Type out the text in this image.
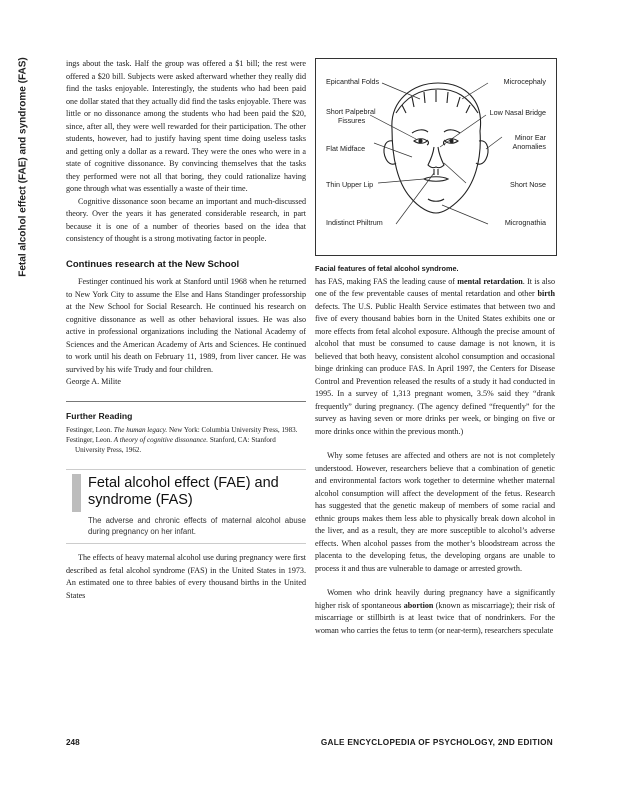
Fetal alcohol effect (FAE) and syndrome (FAS)	ings about the task. Half the group was offered a $1 bill; the rest were offered a $20 bill. Subjects were asked afterward whether they really did find the tasks enjoyable. Interestingly, the students who had been paid one dollar stated that they actually did find the tasks enjoyable. There was little or no dissonance among the students who had been paid the $20, since, after all, they were well rewarded for their participation. The other students, however, had to justify having spent time doing useless tasks and getting only a dollar as a reward. They were the ones who were in a state of cognitive dissonance. By convincing themselves that the tasks they performed were not all that boring, they could rationalize having gone through what was essentially a waste of their time.

Cognitive dissonance soon became an important and much-discussed theory. Over the years it has generated considerable research, in part because it is one of a number of theories based on the idea that consistency of thought is a strong motivating factor in people.

Continues research at the New School

Festinger continued his work at Stanford until 1968 when he returned to New York City to assume the Else and Hans Standinger professorship at the New School for Social Research. He continued his research on cognitive dissonance as well as other behavioral issues. He was also active in professional organizations including the National Academy of Sciences and the American Academy of Arts and Sciences. He continued to work until his death on February 11, 1989, from liver cancer. He was survived by his wife Trudy and four children.

George A. Milite

Further Reading

Festinger, Leon. The human legacy. New York: Columbia University Press, 1983.

Festinger, Leon. A theory of cognitive dissonance. Stanford, CA: Stanford University Press, 1962.

Fetal alcohol effect (FAE) and syndrome (FAS)

The adverse and chronic effects of maternal alcohol abuse during pregnancy on her infant.

The effects of heavy maternal alcohol use during pregnancy were first described as fetal alcohol syndrome (FAS) in the United States in 1973. An estimated one to three babies of every thousand births in the United States

Epicanthal Folds	Microcephaly
Short Palpebral
Fissures
Low Nasal Bridge
Minor Ear
Anomalies
Flat Midface
Thin Upper Lip	Short Nose
Indistinct Philtrum	Micrognathia

Facial features of fetal alcohol syndrome.

has FAS, making FAS the leading cause of mental retardation. It is also one of the few preventable causes of mental retardation and other birth defects. The U.S. Public Health Service estimates that between two and five of every thousand babies born in the United States exhibits one or more effects from fetal alcohol exposure. Although the precise amount of alcohol that must be consumed to cause damage is not known, it is believed that both heavy, consistent alcohol consumption and occasional binge drinking can produce FAS. In April 1997, the Centers for Disease Control and Prevention released the results of a study it had conducted in 1995. In a survey of 1,313 pregnant women, 3.5% said they “drank frequently” during pregnancy. (The agency defined “frequently” for the survey as having seven or more drinks per week, or binging on five or more drinks once within the previous month.)

Why some fetuses are affected and others are not is not completely understood. However, researchers believe that a combination of genetic and environmental factors work together to determine whether maternal alcohol consumption will affect the development of the fetus. Research has suggested that the genetic makeup of members of some racial and ethnic groups makes them less able to physically break down alcohol in the liver, and as a result, they are more susceptible to alcohol’s adverse effects. When alcohol passes from the mother’s bloodstream across the placenta to the developing fetus, the developing organs are unable to process it and thus are vulnerable to damage or arrested growth.

Women who drink heavily during pregnancy have a significantly higher risk of spontaneous abortion (known as miscarriage); their risk of miscarriage or stillbirth is at least twice that of nondrinkers. For the woman who carries the fetus to term (or near-term), researchers speculate

248	GALE ENCYCLOPEDIA OF PSYCHOLOGY, 2ND EDITION
